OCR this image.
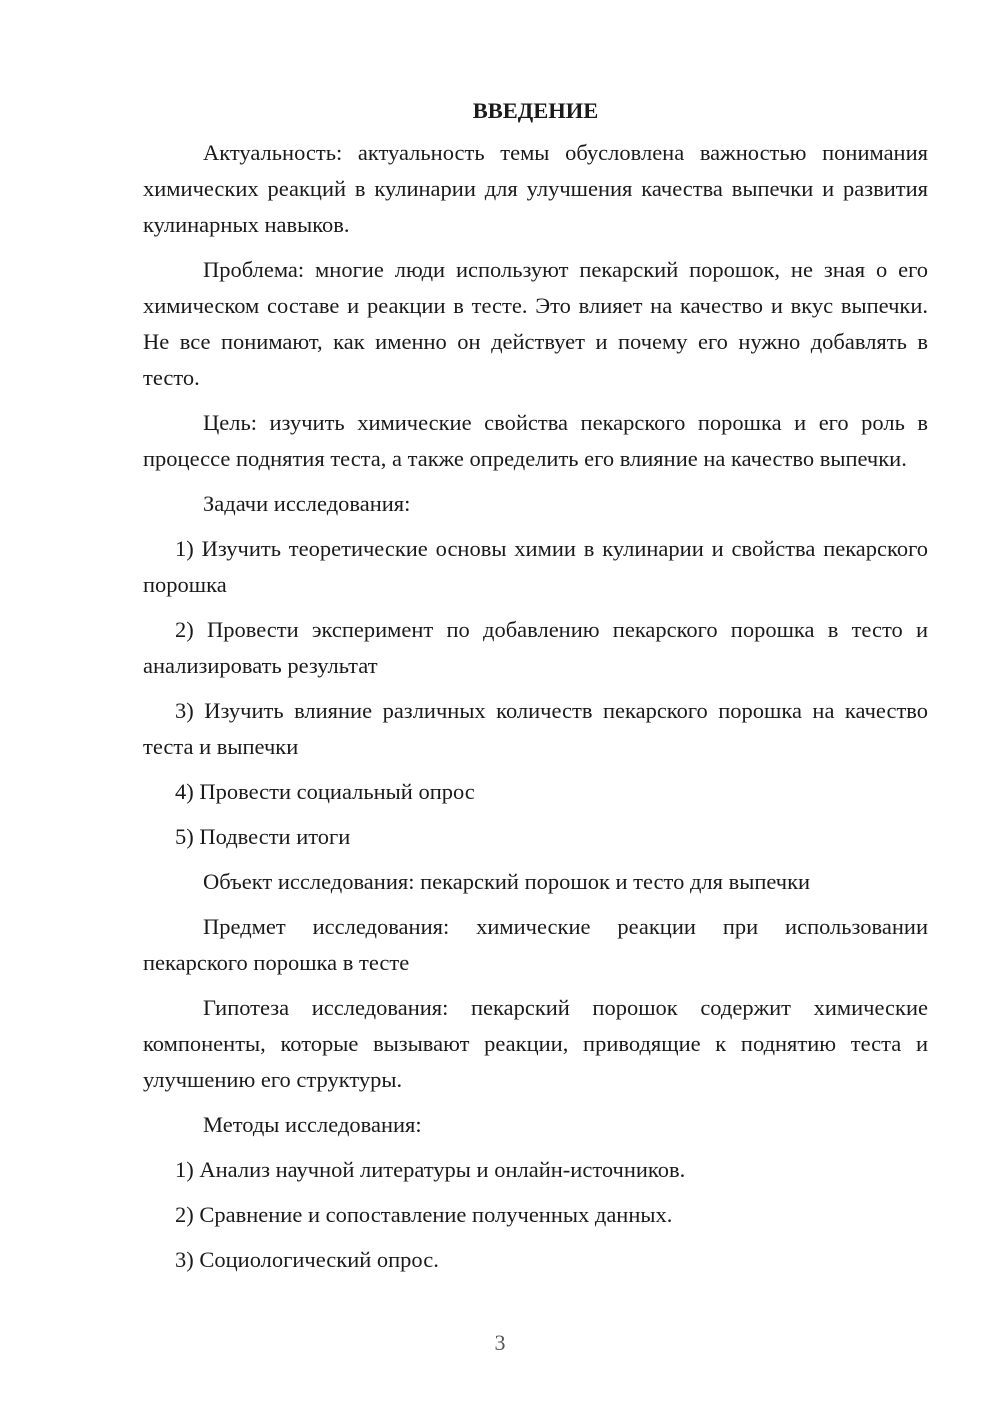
ВВЕДЕНИЕ

Актуальность: актуальность темы обусловлена важностью понимания химических реакций в кулинарии для улучшения качества выпечки и развития кулинарных навыков.

Проблема: многие люди используют пекарский порошок, не зная о его химическом составе и реакции в тесте. Это влияет на качество и вкус выпечки. Не все понимают, как именно он действует и почему его нужно добавлять в тесто.

Цель: изучить химические свойства пекарского порошка и его роль в процессе поднятия теста, а также определить его влияние на качество выпечки.

Задачи исследования:

1) Изучить теоретические основы химии в кулинарии и свойства пекарского порошка

2) Провести эксперимент по добавлению пекарского порошка в тесто и анализировать результат

3) Изучить влияние различных количеств пекарского порошка на качество теста и выпечки

4) Провести социальный опрос

5) Подвести итоги

Объект исследования: пекарский порошок и тесто для выпечки

Предмет исследования: химические реакции при использовании пекарского порошка в тесте

Гипотеза исследования: пекарский порошок содержит химические компоненты, которые вызывают реакции, приводящие к поднятию теста и улучшению его структуры.

Методы исследования:

1) Анализ научной литературы и онлайн-источников.

2) Сравнение и сопоставление полученных данных.

3) Социологический опрос.

3
